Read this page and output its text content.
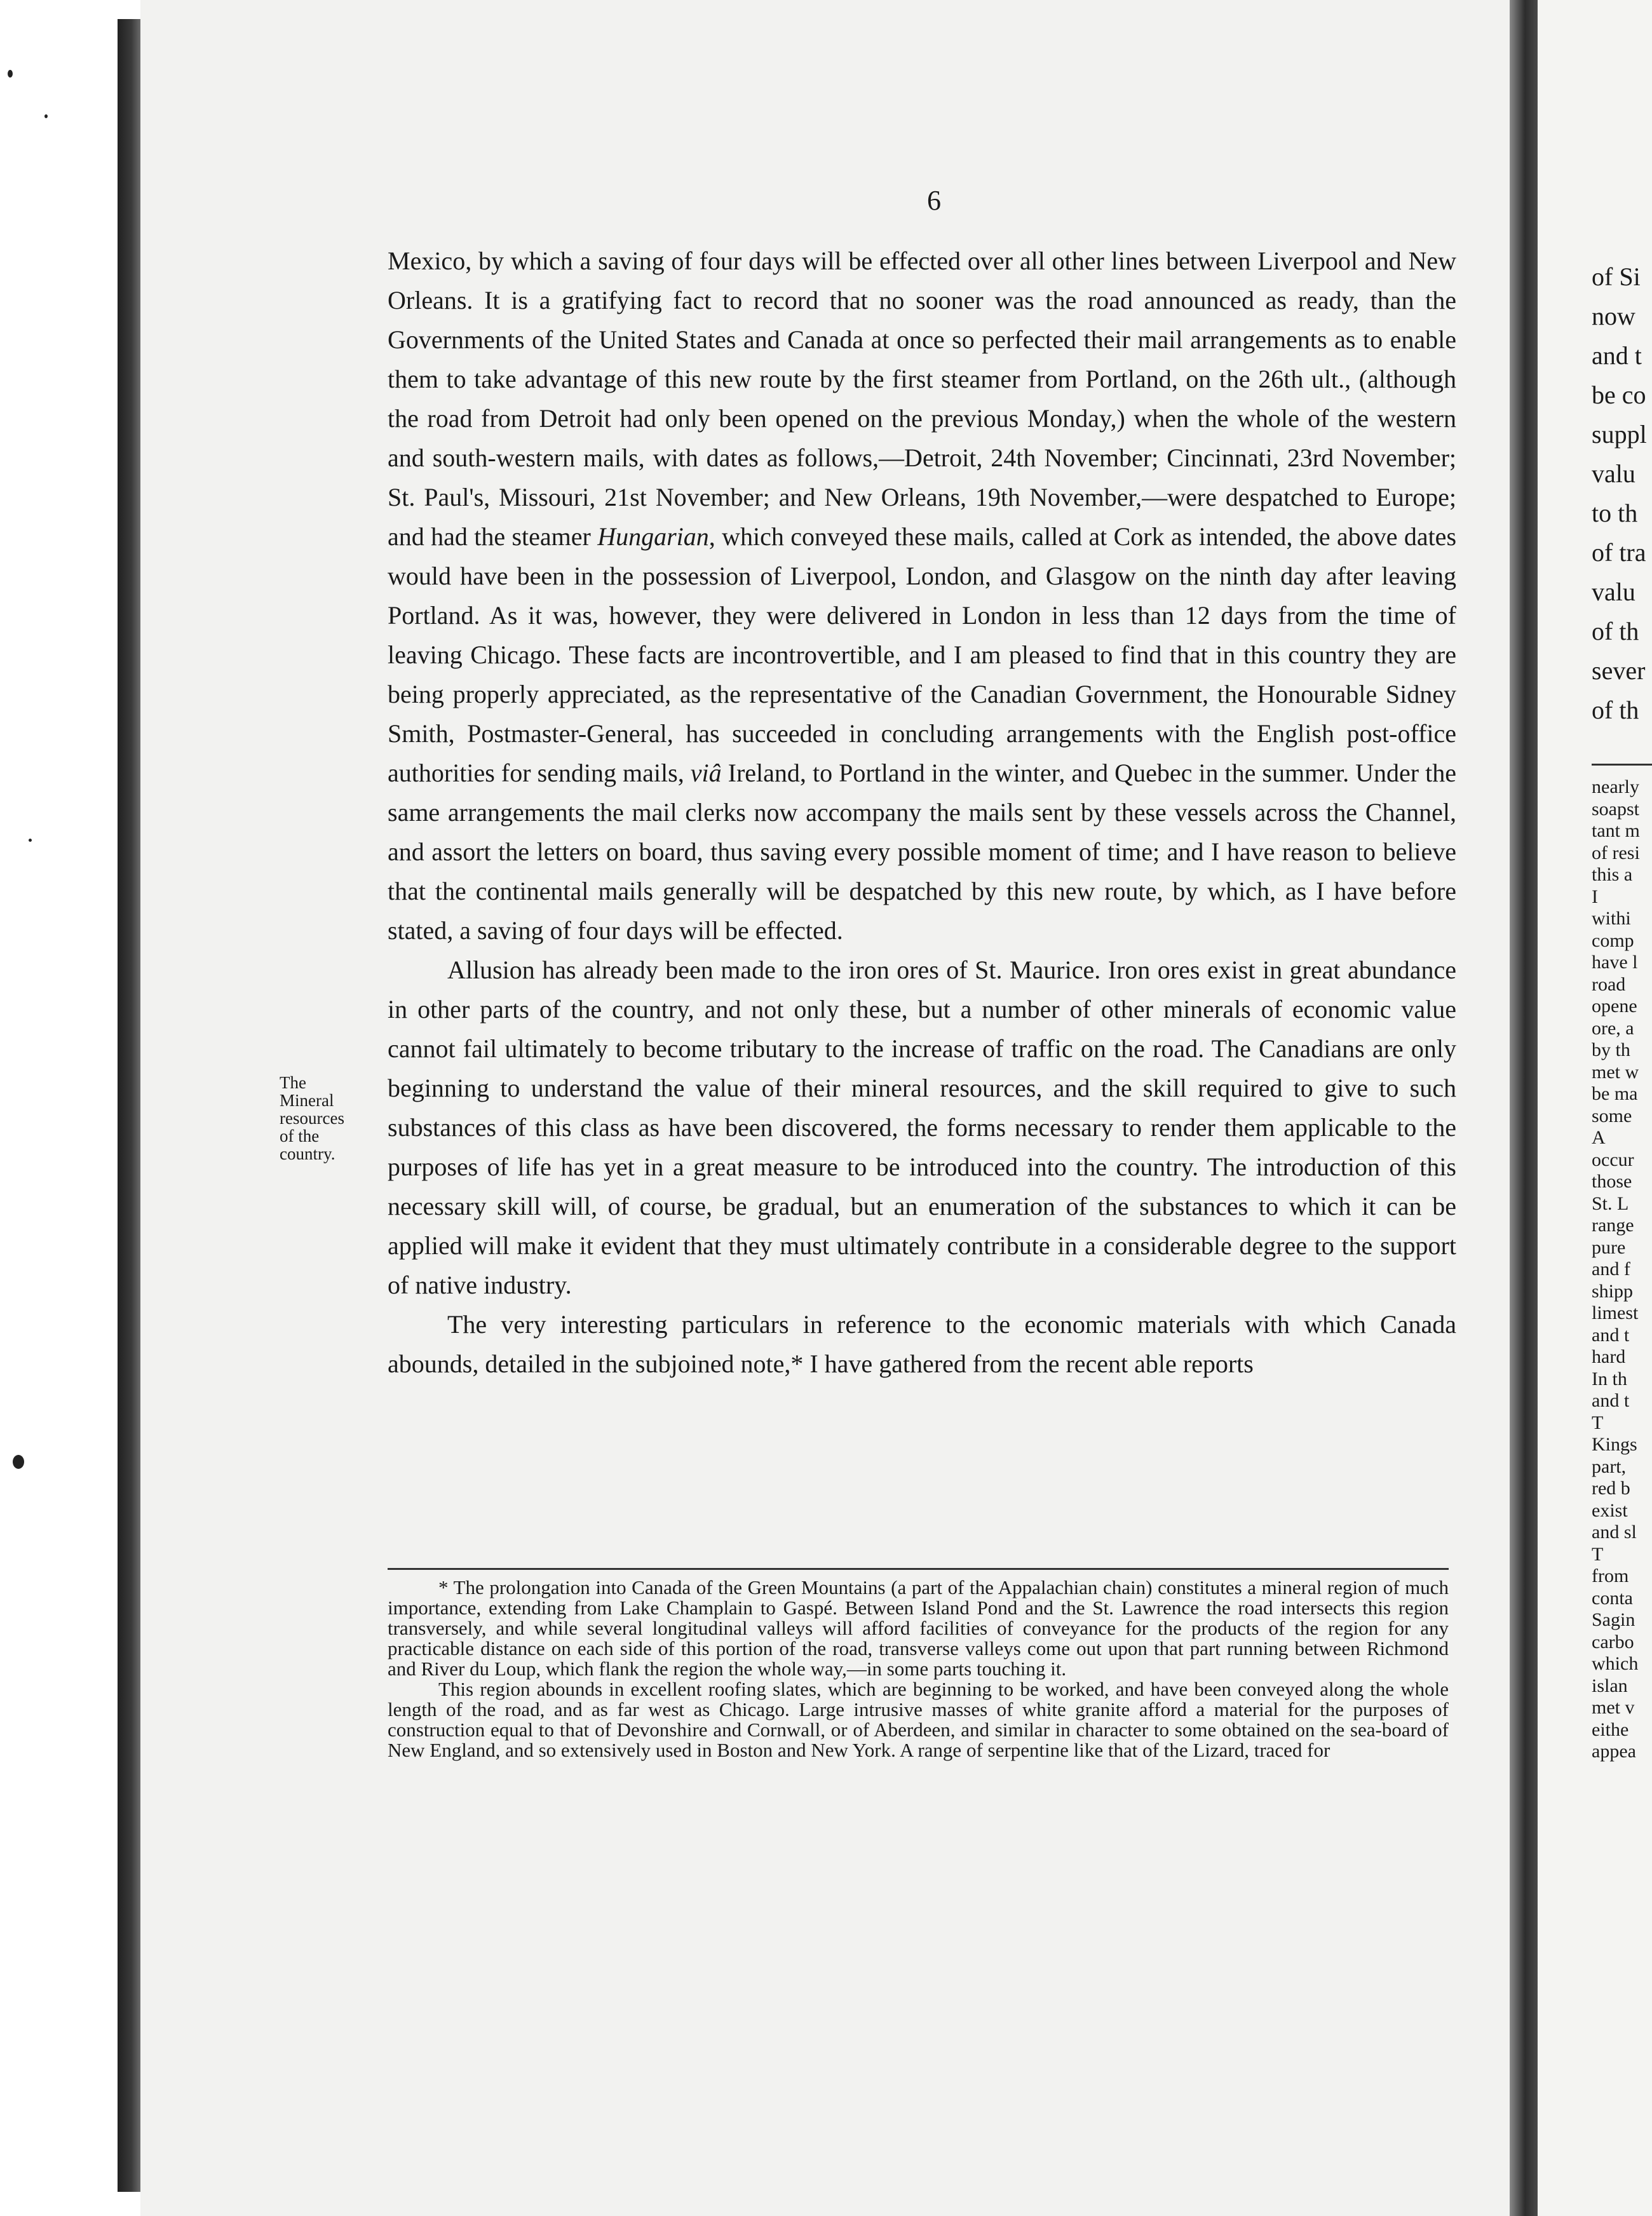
6

Mexico, by which a saving of four days will be effected over all other lines between Liverpool and New Orleans. It is a gratifying fact to record that no sooner was the road announced as ready, than the Governments of the United States and Canada at once so perfected their mail arrangements as to enable them to take advantage of this new route by the first steamer from Portland, on the 26th ult., (although the road from Detroit had only been opened on the previous Monday,) when the whole of the western and south-western mails, with dates as follows,—Detroit, 24th November; Cincinnati, 23rd November; St. Paul's, Missouri, 21st November; and New Orleans, 19th November,—were despatched to Europe; and had the steamer Hungarian, which conveyed these mails, called at Cork as intended, the above dates would have been in the possession of Liverpool, London, and Glasgow on the ninth day after leaving Portland. As it was, however, they were delivered in London in less than 12 days from the time of leaving Chicago. These facts are incontrovertible, and I am pleased to find that in this country they are being properly appreciated, as the representative of the Canadian Government, the Honourable Sidney Smith, Postmaster-General, has succeeded in concluding arrangements with the English post-office authorities for sending mails, viâ Ireland, to Portland in the winter, and Quebec in the summer. Under the same arrangements the mail clerks now accompany the mails sent by these vessels across the Channel, and assort the letters on board, thus saving every possible moment of time; and I have reason to believe that the continental mails generally will be despatched by this new route, by which, as I have before stated, a saving of four days will be effected.

Allusion has already been made to the iron ores of St. Maurice. Iron ores exist in great abundance in other parts of the country, and not only these, but a number of other minerals of economic value cannot fail ultimately to become tributary to the increase of traffic on the road. The Canadians are only beginning to understand the value of their mineral resources, and the skill required to give to such substances of this class as have been discovered, the forms necessary to render them applicable to the purposes of life has yet in a great measure to be introduced into the country. The introduction of this necessary skill will, of course, be gradual, but an enumeration of the substances to which it can be applied will make it evident that they must ultimately contribute in a considerable degree to the support of native industry.

The very interesting particulars in reference to the economic materials with which Canada abounds, detailed in the subjoined note,* I have gathered from the recent able reports

The
Mineral
resources
of the
country.

* The prolongation into Canada of the Green Mountains (a part of the Appalachian chain) constitutes a mineral region of much importance, extending from Lake Champlain to Gaspé. Between Island Pond and the St. Lawrence the road intersects this region transversely, and while several longitudinal valleys will afford facilities of conveyance for the products of the region for any practicable distance on each side of this portion of the road, transverse valleys come out upon that part running between Richmond and River du Loup, which flank the region the whole way,—in some parts touching it.

This region abounds in excellent roofing slates, which are beginning to be worked, and have been conveyed along the whole length of the road, and as far west as Chicago. Large intrusive masses of white granite afford a material for the purposes of construction equal to that of Devonshire and Cornwall, or of Aberdeen, and similar in character to some obtained on the sea-board of New England, and so extensively used in Boston and New York. A range of serpentine like that of the Lizard, traced for

of Si
now
and t
be co
suppl
valu
to th
of tra
valu
of th
sever
of th
nearly
soapst
tant m
of resi
this a
I
withi
comp
have l
road
opene
ore, a
by th
met w
be ma
some
A
occur
those
St. L
range
pure
and f
shipp
limest
and t
hard
In th
and t
T
Kings
part,
red b
exist
and sl
T
from
conta
Sagin
carbo
which
islan
met v
eithe
appea
